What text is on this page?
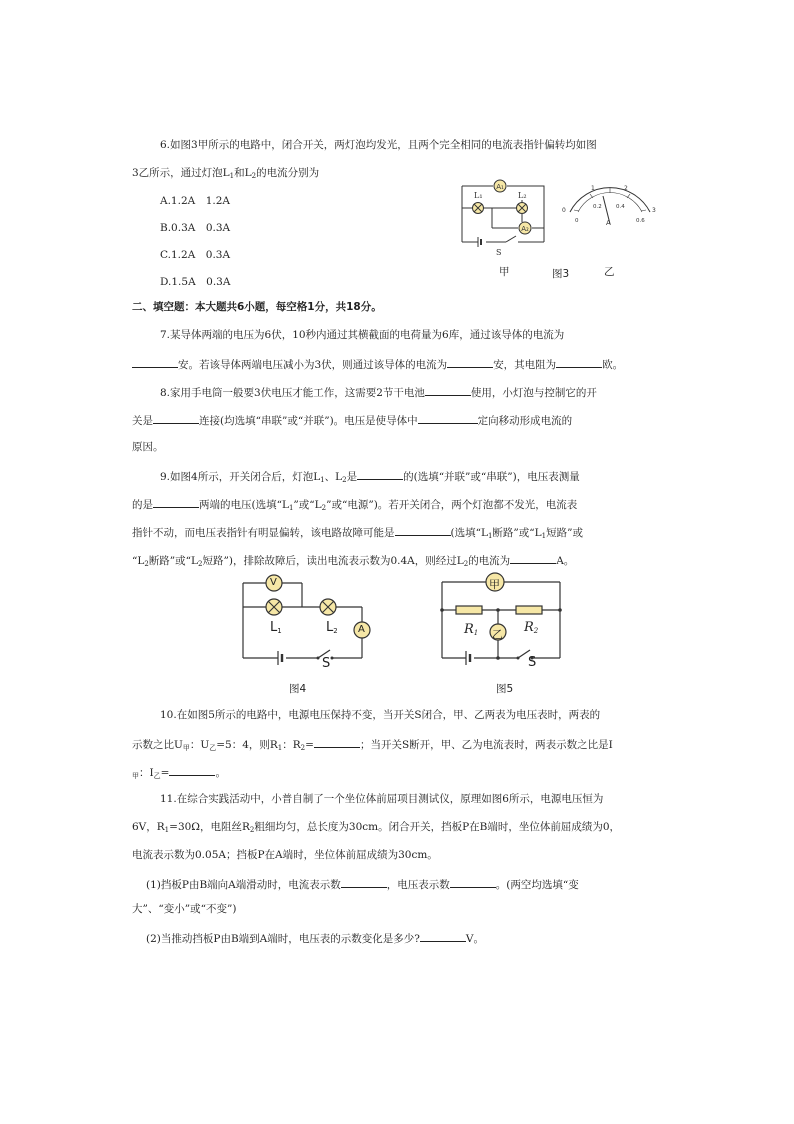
6.如图3甲所示的电路中，闭合开关，两灯泡均发光，且两个完全相同的电流表指针偏转均如图
3乙所示，通过灯泡$L_1$和$L_2$的电流分别为
A.1.2A　1.2A
B.0.3A　0.3A
C.1.2A　0.3A
D.1.5A　0.3A
A₁
A₂
L₁	L₂
S
甲	图3
0
1	2
3
0
0.2	0.4
0.6
A
乙
二、填空题：本大题共6小题，每空格1分，共18分。
7.某导体两端的电压为6伏，10秒内通过其横截面的电荷量为6库，通过该导体的电流为
安。若该导体两端电压减小为3伏，则通过该导体的电流为	安，其电阻为	欧。
8.家用手电筒一般要3伏电压才能工作，这需要2节干电池	使用，小灯泡与控制它的开
关是	连接(均选填“串联”或“并联”)。电压是使导体中	定向移动形成电流的
原因。
9.如图4所示，开关闭合后，灯泡$L_1$、$L_2$是	的(选填“并联”或“串联”)，电压表测量
的是	两端的电压(选填“$L_1$”或“$L_2$”或“电源”)。若开关闭合，两个灯泡都不发光，电流表
指针不动，而电压表指针有明显偏转，该电路故障可能是	(选填“$L_1$断路”或“$L_1$短路”或
“$L_2$断路”或“$L_2$短路”)，排除故障后，读出电流表示数为0.4A，则经过$L_2$的电流为	A。
V
A
$L_1$	$L_2$
S
图4
甲
乙
$R_1$	$R_2$
S
图5
10.在如图5所示的电路中，电源电压保持不变，当开关S闭合，甲、乙两表为电压表时，两表的
示数之比$U_甲$：$U_乙=5$：4，则$R_1$：$R_2=$	；当开关S断开，甲、乙为电流表时，两表示数之比是I
$_甲$：$I_乙=$	。
11.在综合实践活动中，小普自制了一个坐位体前屈项目测试仪，原理如图6所示，电源电压恒为
6V，$R_1=30\Omega$，电阻丝$R_2$粗细均匀，总长度为30cm。闭合开关，挡板P在B端时，坐位体前屈成绩为0，
电流表示数为0.05A；挡板P在A端时，坐位体前屈成绩为30cm。
(1)挡板P由B端向A端滑动时，电流表示数	，电压表示数	。(两空均选填“变
大”、“变小”或“不变”)
(2)当推动挡板P由B端到A端时，电压表的示数变化是多少?	V。
